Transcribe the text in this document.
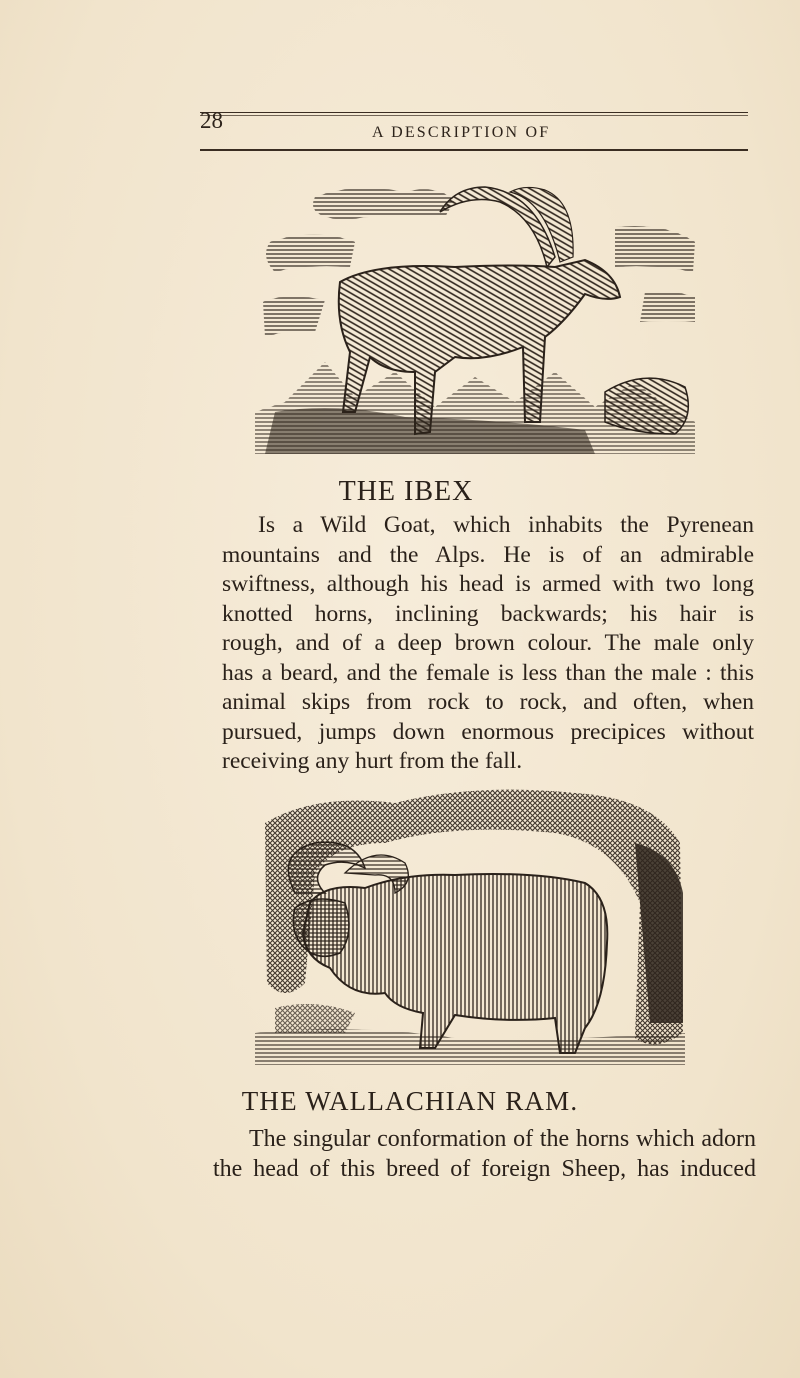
28	A DESCRIPTION OF
THE IBEX
Is a Wild Goat, which inhabits the Pyrenean
mountains and the Alps. He is of an admirable
swiftness, although his head is armed with two long
knotted horns, inclining backwards; his hair is
rough, and of a deep brown colour. The male only
has a beard, and the female is less than the male : this
animal skips from rock to rock, and often, when
pursued, jumps down enormous precipices without
receiving any hurt from the fall.
THE WALLACHIAN RAM.
The singular conformation of the horns which adorn
the head of this breed of foreign Sheep, has induced
